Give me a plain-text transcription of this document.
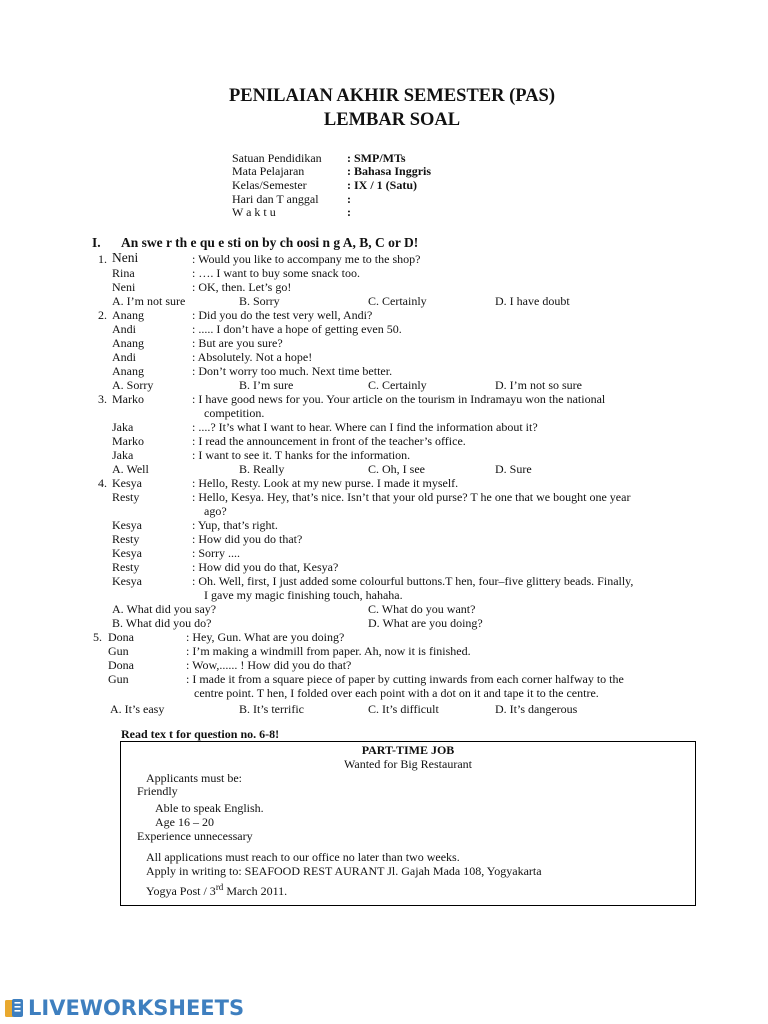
PENILAIAN AKHIR SEMESTER (PAS)
LEMBAR SOAL
Satuan Pendidikan : SMP/MTs
Mata Pelajaran	: Bahasa Inggris
Kelas/Semester	: IX / 1 (Satu)
Hari dan T anggal :
W a k t u	:
I. An swe r th e qu e sti on by ch oosi n g A, B, C or D!
1. Neni	: Would you like to accompany me to the shop?
Rina	: …. I want to buy some snack too.
Neni	: OK, then. Let’s go!
A. I’m not sure	B. Sorry	C. Certainly	D. I have doubt
2. Anang	: Did you do the test very well, Andi?
Andi	: ..... I don’t have a hope of getting even 50.
Anang	: But are you sure?
Andi	: Absolutely. Not a hope!
Anang	: Don’t worry too much. Next time better.
A. Sorry	B. I’m sure	C. Certainly	D. I’m not so sure
3. Marko	: I have good news for you. Your article on the tourism in Indramayu won the national
competition.
Jaka	: ....? It’s what I want to hear. Where can I find the information about it?
Marko	: I read the announcement in front of the teacher’s office.
Jaka	: I want to see it. T hanks for the information.
A. Well	B. Really	C. Oh, I see	D. Sure
4. Kesya	: Hello, Resty. Look at my new purse. I made it myself.
Resty	: Hello, Kesya. Hey, that’s nice. Isn’t that your old purse? T he one that we bought one year
ago?
Kesya	: Yup, that’s right.
Resty	: How did you do that?
Kesya	: Sorry ....
Resty	: How did you do that, Kesya?
Kesya	: Oh. Well, first, I just added some colourful buttons.T hen, four–five glittery beads. Finally,
I gave my magic finishing touch, hahaha.
A. What did you say?	C. What do you want?
B. What did you do?	D. What are you doing?
5. Dona	: Hey, Gun. What are you doing?
Gun	: I’m making a windmill from paper. Ah, now it is finished.
Dona	: Wow,...... ! How did you do that?
Gun	: I made it from a square piece of paper by cutting inwards from each corner halfway to the
centre point. T hen, I folded over each point with a dot on it and tape it to the centre.
A. It’s easy	B. It’s terrific	C. It’s difficult	D. It’s dangerous
Read tex t for question no. 6-8!
PART-TIME JOB
Wanted for Big Restaurant
Applicants must be:
Friendly
Able to speak English.
Age 16 – 20
Experience unnecessary
All applications must reach to our office no later than two weeks.
Apply in writing to: SEAFOOD REST AURANT Jl. Gajah Mada 108, Yogyakarta
Yogya Post / 3rd March 2011.
LIVEWORKSHEETS
